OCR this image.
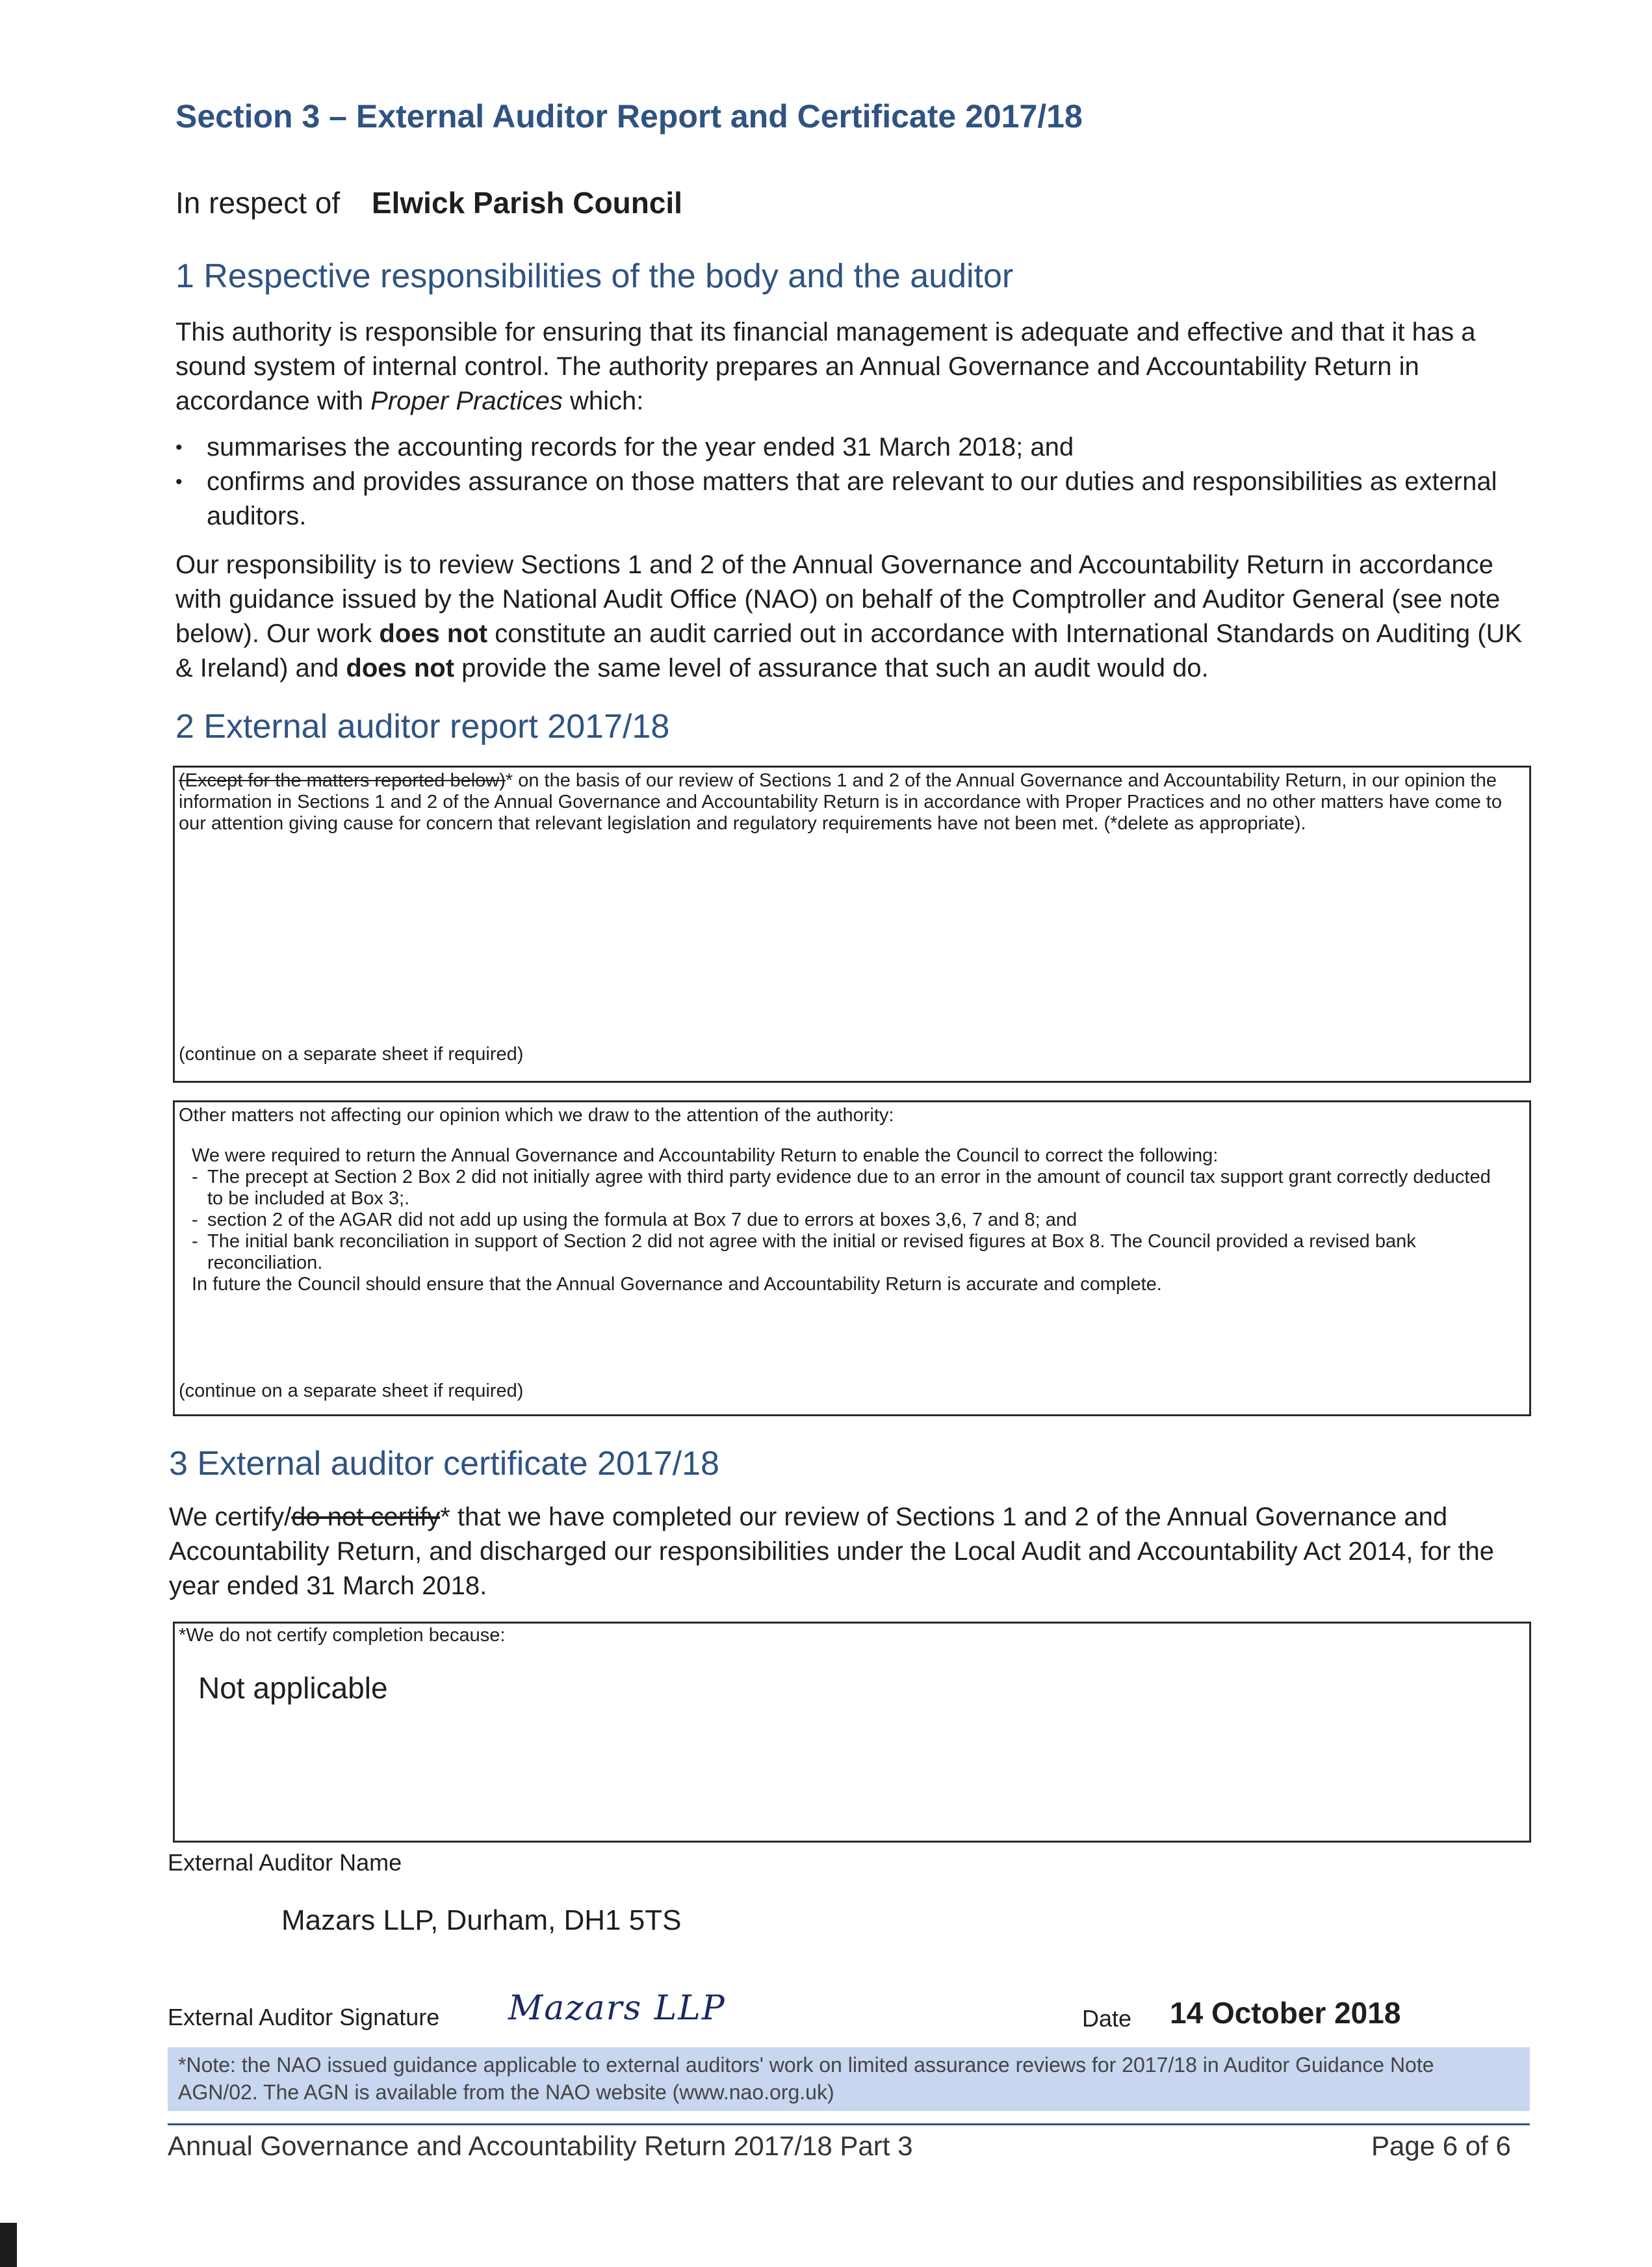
Section 3 – External Auditor Report and Certificate 2017/18
In respect of Elwick Parish Council
1 Respective responsibilities of the body and the auditor

This authority is responsible for ensuring that its financial management is adequate and effective and that it has a sound system of internal control. The authority prepares an Annual Governance and Accountability Return in accordance with Proper Practices which:

• summarises the accounting records for the year ended 31 March 2018; and
• confirms and provides assurance on those matters that are relevant to our duties and responsibilities as external auditors.

Our responsibility is to review Sections 1 and 2 of the Annual Governance and Accountability Return in accordance with guidance issued by the National Audit Office (NAO) on behalf of the Comptroller and Auditor General (see note below). Our work does not constitute an audit carried out in accordance with International Standards on Auditing (UK & Ireland) and does not provide the same level of assurance that such an audit would do.

2 External auditor report 2017/18
(Except for the matters reported below)* on the basis of our review of Sections 1 and 2 of the Annual Governance and Accountability Return, in our opinion the information in Sections 1 and 2 of the Annual Governance and Accountability Return is in accordance with Proper Practices and no other matters have come to our attention giving cause for concern that relevant legislation and regulatory requirements have not been met. (*delete as appropriate).
(continue on a separate sheet if required)
Other matters not affecting our opinion which we draw to the attention of the authority:
We were required to return the Annual Governance and Accountability Return to enable the Council to correct the following:
- The precept at Section 2 Box 2 did not initially agree with third party evidence due to an error in the amount of council tax support grant correctly deducted to be included at Box 3;.
- section 2 of the AGAR did not add up using the formula at Box 7 due to errors at boxes 3,6, 7 and 8; and
- The initial bank reconciliation in support of Section 2 did not agree with the initial or revised figures at Box 8. The Council provided a revised bank reconciliation.
In future the Council should ensure that the Annual Governance and Accountability Return is accurate and complete.
(continue on a separate sheet if required)
3 External auditor certificate 2017/18

We certify/do not certify* that we have completed our review of Sections 1 and 2 of the Annual Governance and Accountability Return, and discharged our responsibilities under the Local Audit and Accountability Act 2014, for the year ended 31 March 2018.

*We do not certify completion because:
Not applicable
External Auditor Name
Mazars LLP, Durham, DH1 5TS
External Auditor Signature Mazars LLP	Date 14 October 2018
*Note: the NAO issued guidance applicable to external auditors' work on limited assurance reviews for 2017/18 in Auditor Guidance Note AGN/02. The AGN is available from the NAO website (www.nao.org.uk)
Annual Governance and Accountability Return 2017/18 Part 3	Page 6 of 6
